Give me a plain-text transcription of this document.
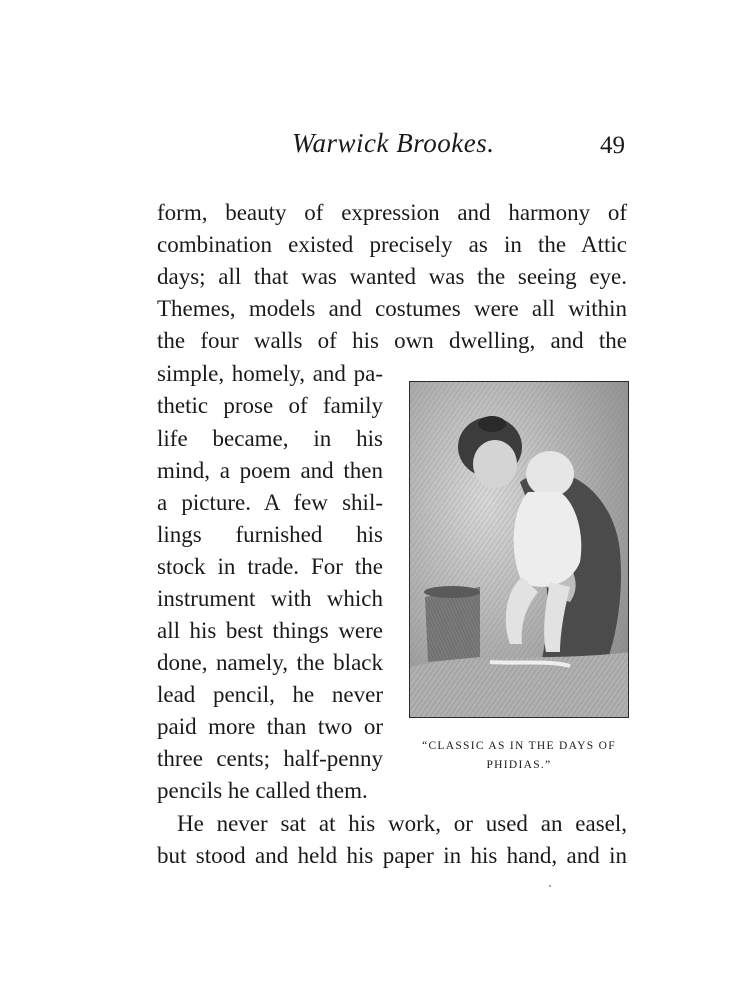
Warwick Brookes.	49
form, beauty of expression and harmony of
combination existed precisely as in the Attic
days; all that was wanted was the seeing eye.
Themes, models and costumes were all within
the four walls of his own dwelling, and the
simple, homely, and pa-
thetic prose of family
life became, in his
mind, a poem and then
a picture. A few shil-
lings furnished his
stock in trade. For the
instrument with which
all his best things were
done, namely, the black
lead pencil, he never
paid more than two or
three cents; half-penny
pencils he called them.
He never sat at his work, or used an easel,
but stood and held his paper in his hand, and in
“CLASSIC AS IN THE DAYS OF
PHIDIAS.”
